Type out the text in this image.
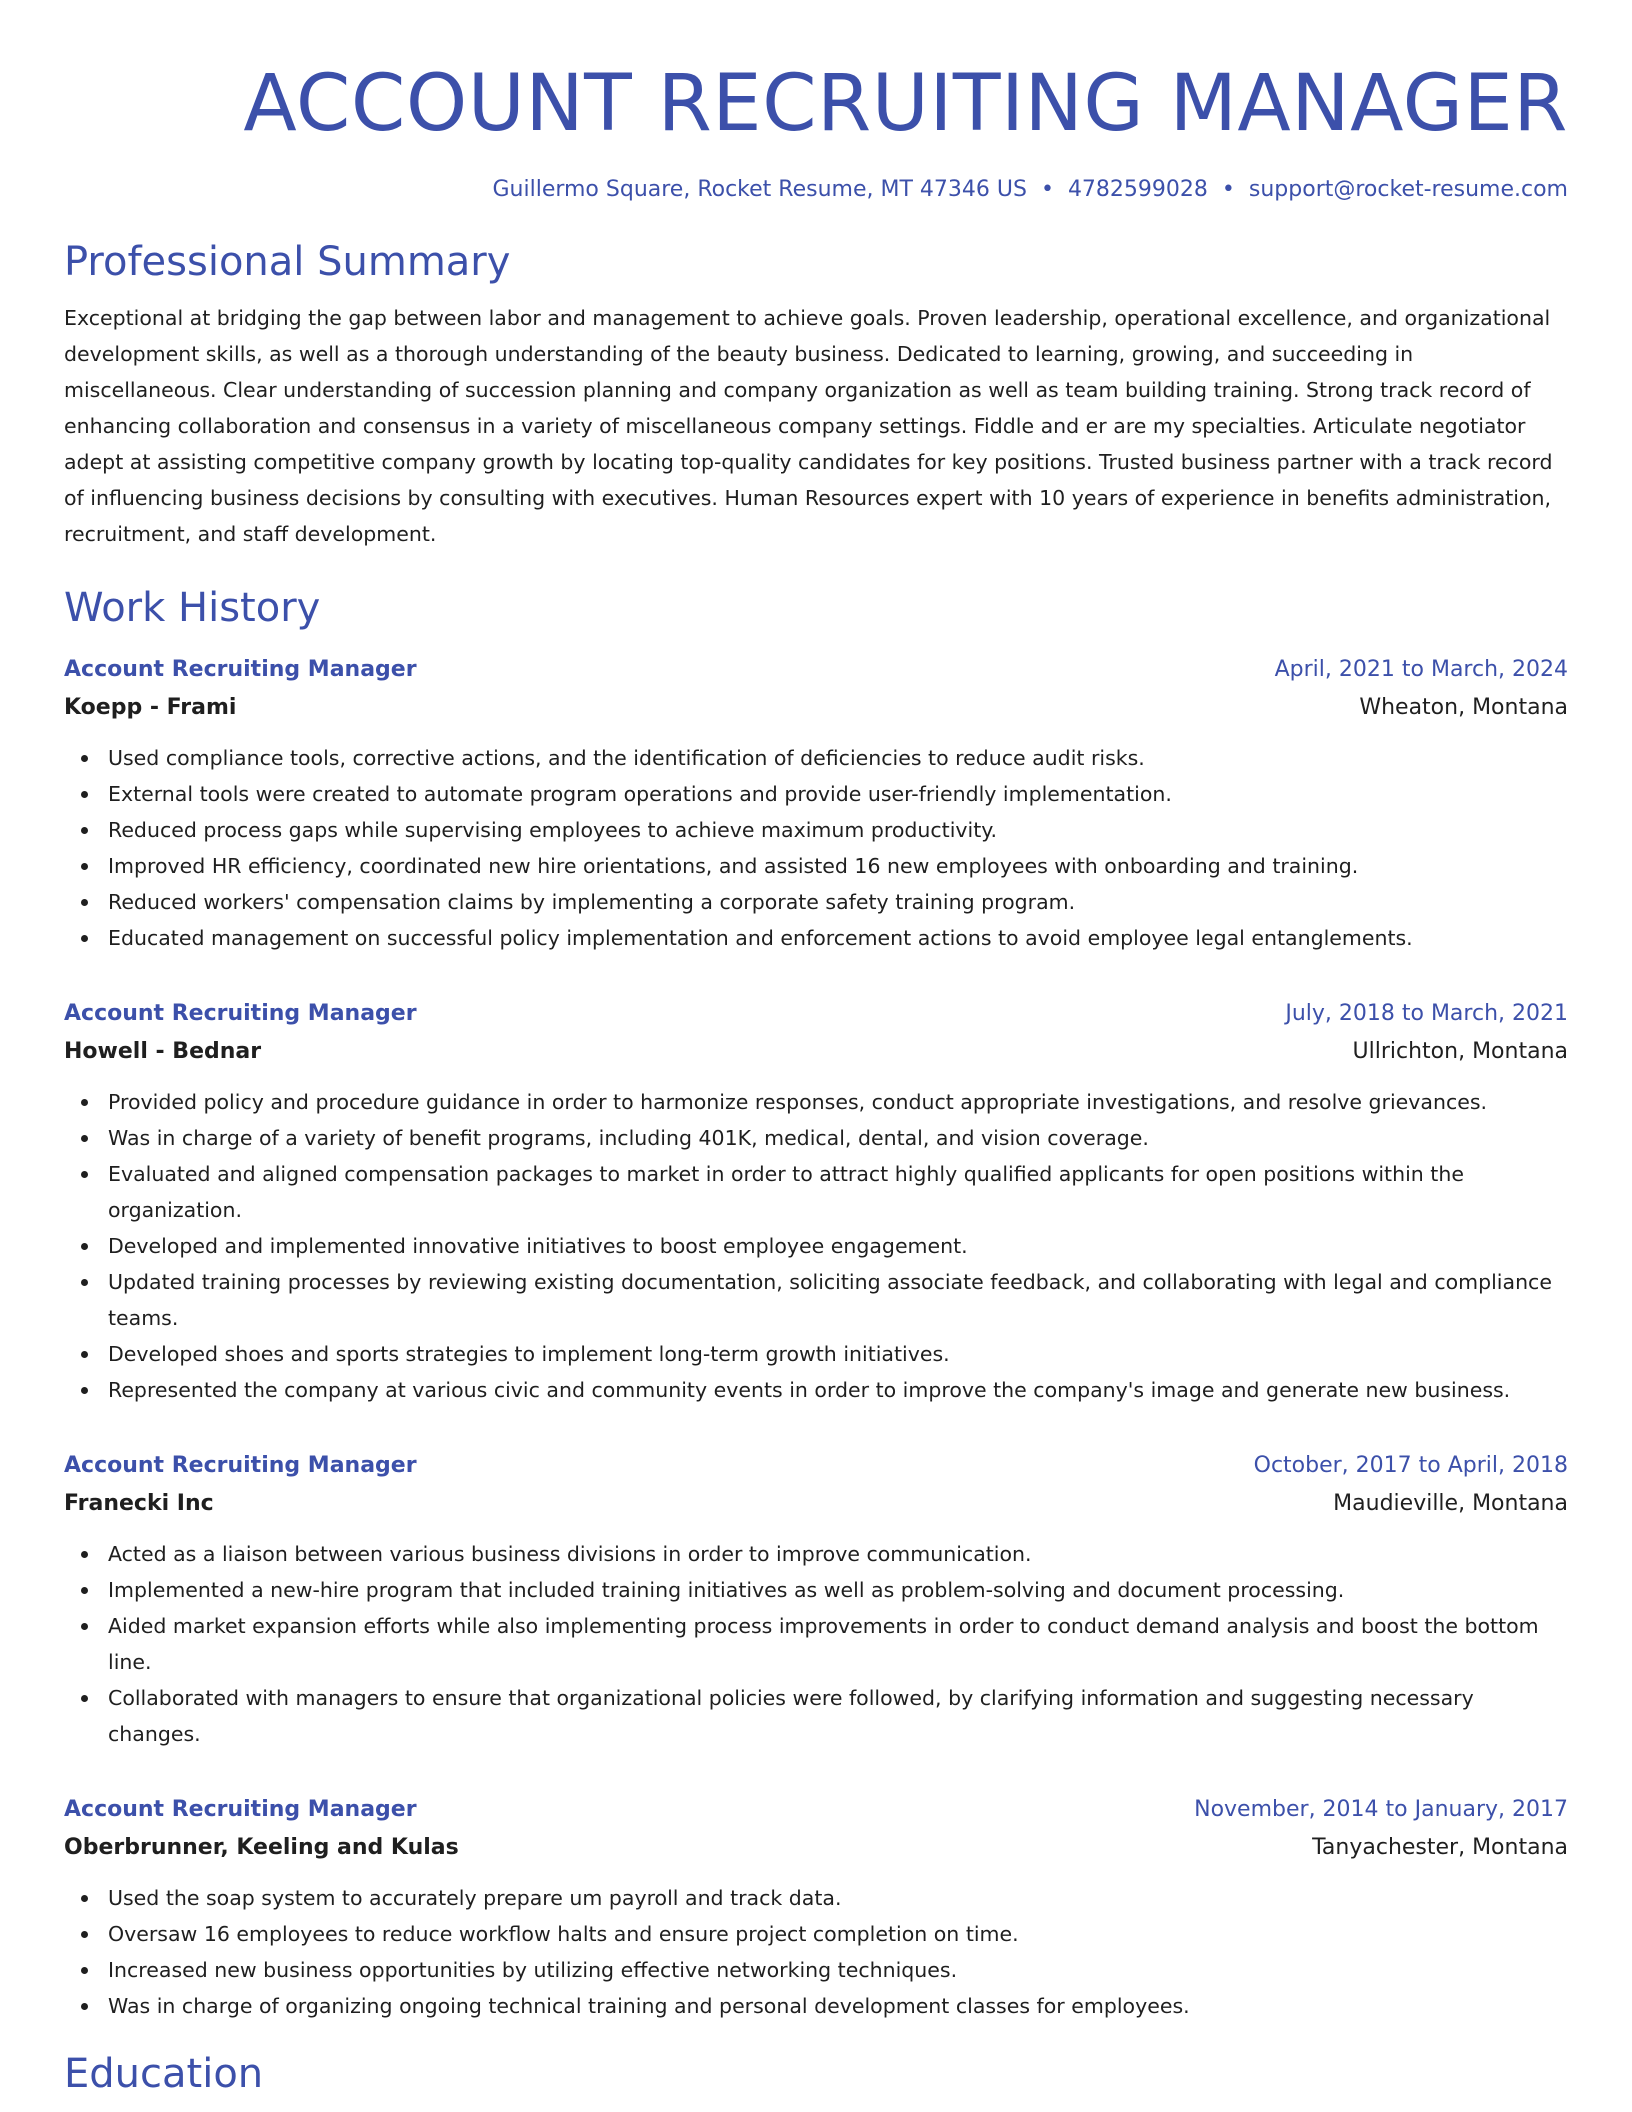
ACCOUNT RECRUITING MANAGER
Guillermo Square, Rocket Resume, MT 47346 US • 4782599028 • support@rocket-resume.com
Professional Summary

Exceptional at bridging the gap between labor and management to achieve goals. Proven leadership, operational excellence, and organizational development skills, as well as a thorough understanding of the beauty business. Dedicated to learning, growing, and succeeding in miscellaneous. Clear understanding of succession planning and company organization as well as team building training. Strong track record of enhancing collaboration and consensus in a variety of miscellaneous company settings. Fiddle and er are my specialties. Articulate negotiator adept at assisting competitive company growth by locating top-quality candidates for key positions. Trusted business partner with a track record of influencing business decisions by consulting with executives. Human Resources expert with 10 years of experience in benefits administration, recruitment, and staff development.

Work History
Account Recruiting Manager	April, 2021 to March, 2024
Koepp - Frami	Wheaton, Montana
Used compliance tools, corrective actions, and the identification of deficiencies to reduce audit risks.
External tools were created to automate program operations and provide user-friendly implementation.
Reduced process gaps while supervising employees to achieve maximum productivity.
Improved HR efficiency, coordinated new hire orientations, and assisted 16 new employees with onboarding and training.
Reduced workers' compensation claims by implementing a corporate safety training program.
Educated management on successful policy implementation and enforcement actions to avoid employee legal entanglements.
Account Recruiting Manager	July, 2018 to March, 2021
Howell - Bednar	Ullrichton, Montana
Provided policy and procedure guidance in order to harmonize responses, conduct appropriate investigations, and resolve grievances.
Was in charge of a variety of benefit programs, including 401K, medical, dental, and vision coverage.
Evaluated and aligned compensation packages to market in order to attract highly qualified applicants for open positions within the organization.
Developed and implemented innovative initiatives to boost employee engagement.
Updated training processes by reviewing existing documentation, soliciting associate feedback, and collaborating with legal and compliance teams.
Developed shoes and sports strategies to implement long-term growth initiatives.
Represented the company at various civic and community events in order to improve the company's image and generate new business.
Account Recruiting Manager	October, 2017 to April, 2018
Franecki Inc	Maudieville, Montana
Acted as a liaison between various business divisions in order to improve communication.
Implemented a new-hire program that included training initiatives as well as problem-solving and document processing.
Aided market expansion efforts while also implementing process improvements in order to conduct demand analysis and boost the bottom line.
Collaborated with managers to ensure that organizational policies were followed, by clarifying information and suggesting necessary changes.
Account Recruiting Manager	November, 2014 to January, 2017
Oberbrunner, Keeling and Kulas	Tanyachester, Montana
Used the soap system to accurately prepare um payroll and track data.
Oversaw 16 employees to reduce workflow halts and ensure project completion on time.
Increased new business opportunities by utilizing effective networking techniques.
Was in charge of organizing ongoing technical training and personal development classes for employees.
Education
